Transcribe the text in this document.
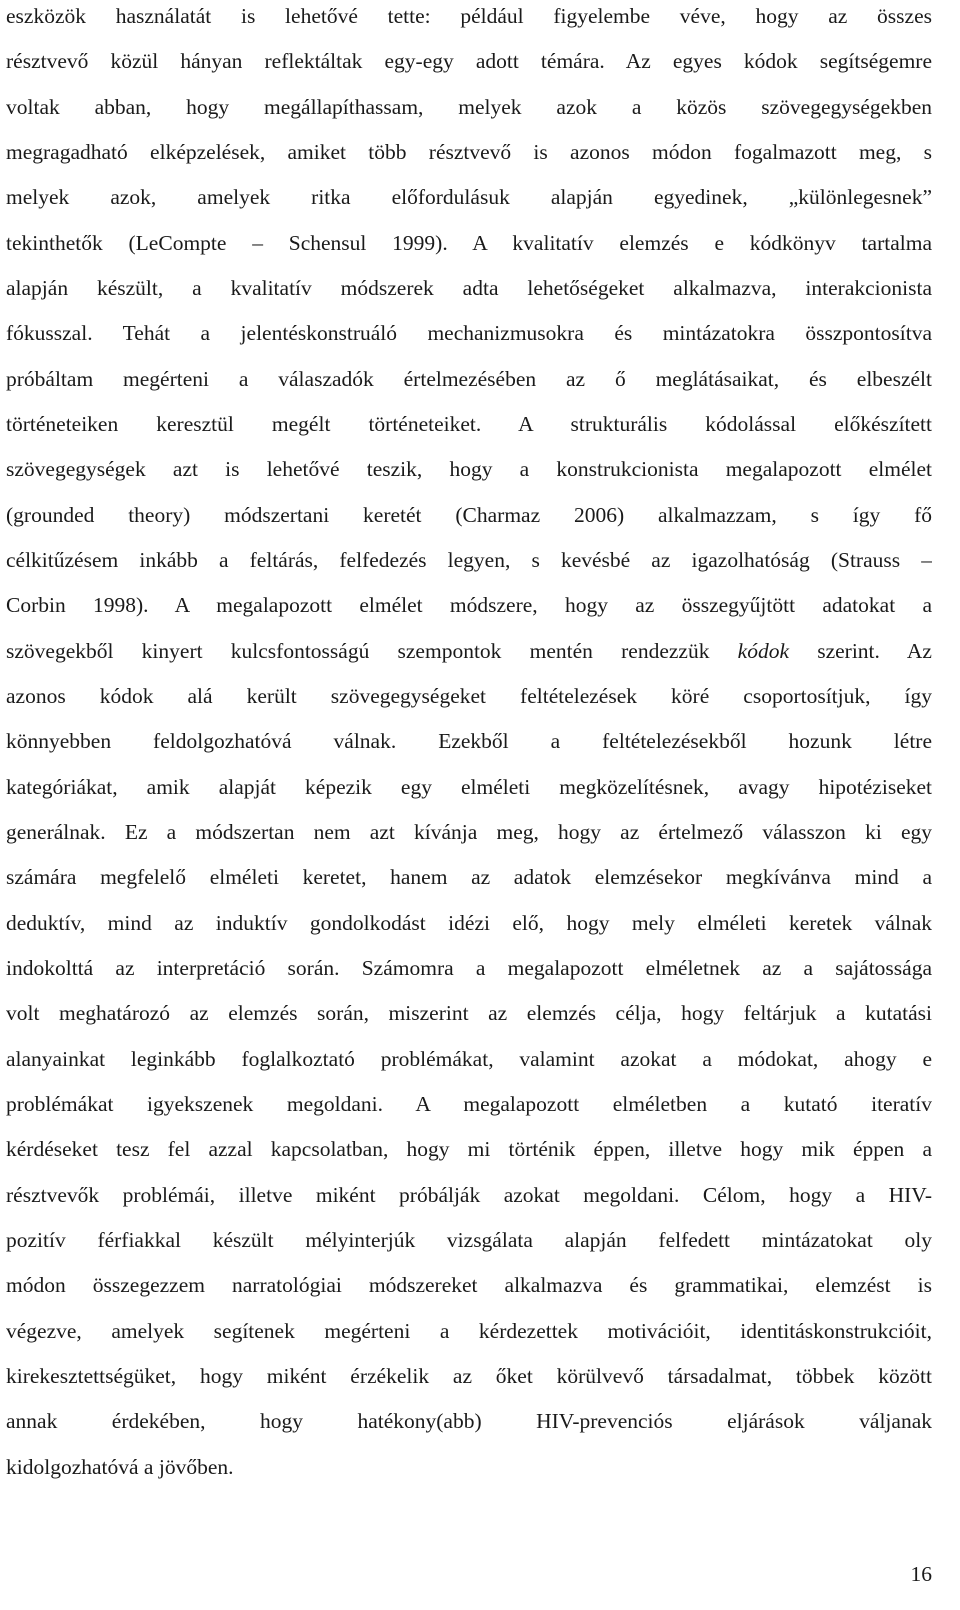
eszközök használatát is lehetővé tette: például figyelembe véve, hogy az összes
résztvevő közül hányan reflektáltak egy-egy adott témára. Az egyes kódok segítségemre
voltak abban, hogy megállapíthassam, melyek azok a közös szövegegységekben
megragadható elképzelések, amiket több résztvevő is azonos módon fogalmazott meg, s
melyek azok, amelyek ritka előfordulásuk alapján egyedinek, „különlegesnek”
tekinthetők (LeCompte – Schensul 1999). A kvalitatív elemzés e kódkönyv tartalma
alapján készült, a kvalitatív módszerek adta lehetőségeket alkalmazva, interakcionista
fókusszal. Tehát a jelentéskonstruáló mechanizmusokra és mintázatokra összpontosítva
próbáltam megérteni a válaszadók értelmezésében az ő meglátásaikat, és elbeszélt
történeteiken keresztül megélt történeteiket. A strukturális kódolással előkészített
szövegegységek azt is lehetővé teszik, hogy a konstrukcionista megalapozott elmélet
(grounded theory) módszertani keretét (Charmaz 2006) alkalmazzam, s így fő
célkitűzésem inkább a feltárás, felfedezés legyen, s kevésbé az igazolhatóság (Strauss –
Corbin 1998). A megalapozott elmélet módszere, hogy az összegyűjtött adatokat a
szövegekből kinyert kulcsfontosságú szempontok mentén rendezzük kódok szerint. Az
azonos kódok alá került szövegegységeket feltételezések köré csoportosítjuk, így
könnyebben feldolgozhatóvá válnak. Ezekből a feltételezésekből hozunk létre
kategóriákat, amik alapját képezik egy elméleti megközelítésnek, avagy hipotéziseket
generálnak. Ez a módszertan nem azt kívánja meg, hogy az értelmező válasszon ki egy
számára megfelelő elméleti keretet, hanem az adatok elemzésekor megkívánva mind a
deduktív, mind az induktív gondolkodást idézi elő, hogy mely elméleti keretek válnak
indokolttá az interpretáció során. Számomra a megalapozott elméletnek az a sajátossága
volt meghatározó az elemzés során, miszerint az elemzés célja, hogy feltárjuk a kutatási
alanyainkat leginkább foglalkoztató problémákat, valamint azokat a módokat, ahogy e
problémákat igyekszenek megoldani. A megalapozott elméletben a kutató iteratív
kérdéseket tesz fel azzal kapcsolatban, hogy mi történik éppen, illetve hogy mik éppen a
résztvevők problémái, illetve miként próbálják azokat megoldani. Célom, hogy a HIV-
pozitív férfiakkal készült mélyinterjúk vizsgálata alapján felfedett mintázatokat oly
módon összegezzem narratológiai módszereket alkalmazva és grammatikai, elemzést is
végezve, amelyek segítenek megérteni a kérdezettek motivációit, identitáskonstrukcióit,
kirekesztettségüket, hogy miként érzékelik az őket körülvevő társadalmat, többek között
annak érdekében, hogy hatékony(abb) HIV-prevenciós eljárások váljanak
kidolgozhatóvá a jövőben.
16
